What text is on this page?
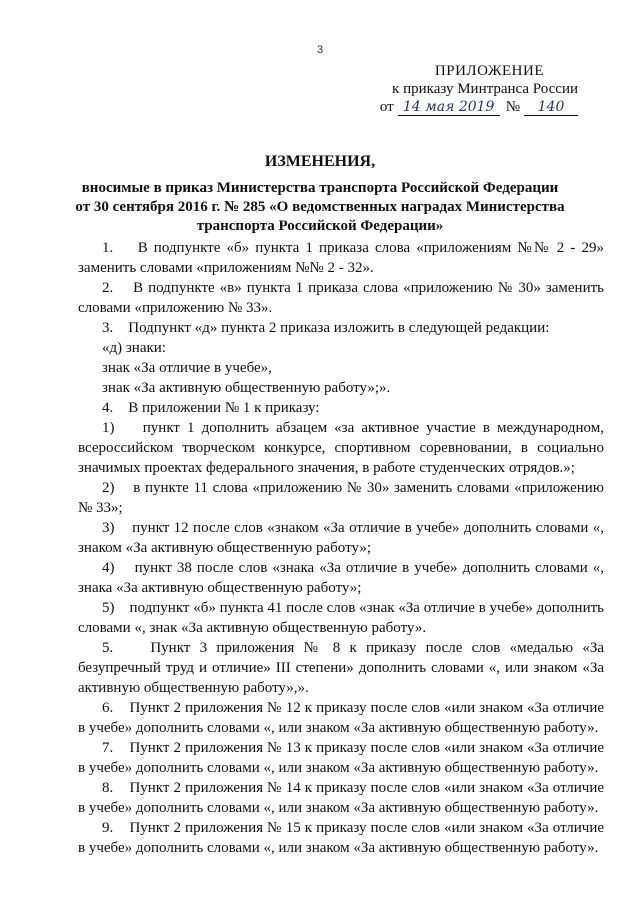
3
ПРИЛОЖЕНИЕ
к приказу Минтранса России
от 14 мая 2019 №	140
ИЗМЕНЕНИЯ,
вносимые в приказ Министерства транспорта Российской Федерации
от 30 сентября 2016 г. № 285 «О ведомственных наградах Министерства
транспорта Российской Федерации»

1.    В подпункте «б» пункта 1 приказа слова «приложениям №№ 2 - 29» заменить словами «приложениям №№ 2 - 32».

2.    В подпункте «в» пункта 1 приказа слова «приложению № 30» заменить словами «приложению № 33».

3.    Подпункт «д» пункта 2 приказа изложить в следующей редакции:

«д) знаки:

знак «За отличие в учебе»,

знак «За активную общественную работу»;».

4.    В приложении № 1 к приказу:

1)    пункт 1 дополнить абзацем «за активное участие в международном, всероссийском творческом конкурсе, спортивном соревновании, в социально значимых проектах федерального значения, в работе студенческих отрядов.»;

2)    в пункте 11 слова «приложению № 30» заменить словами «приложению № 33»;

3)    пункт 12 после слов «знаком «За отличие в учебе» дополнить словами «, знаком «За активную общественную работу»;

4)    пункт 38 после слов «знака «За отличие в учебе» дополнить словами «, знака «За активную общественную работу»;

5)    подпункт «б» пункта 41 после слов «знак «За отличие в учебе» дополнить словами «, знак «За активную общественную работу».

5.    Пункт 3 приложения № 8 к приказу после слов «медалью «За безупречный труд и отличие» III степени» дополнить словами «, или знаком «За активную общественную работу»,».

6.    Пункт 2 приложения № 12 к приказу после слов «или знаком «За отличие в учебе» дополнить словами «, или знаком «За активную общественную работу».

7.    Пункт 2 приложения № 13 к приказу после слов «или знаком «За отличие в учебе» дополнить словами «, или знаком «За активную общественную работу».

8.    Пункт 2 приложения № 14 к приказу после слов «или знаком «За отличие в учебе» дополнить словами «, или знаком «За активную общественную работу».

9.    Пункт 2 приложения № 15 к приказу после слов «или знаком «За отличие в учебе» дополнить словами «, или знаком «За активную общественную работу».
